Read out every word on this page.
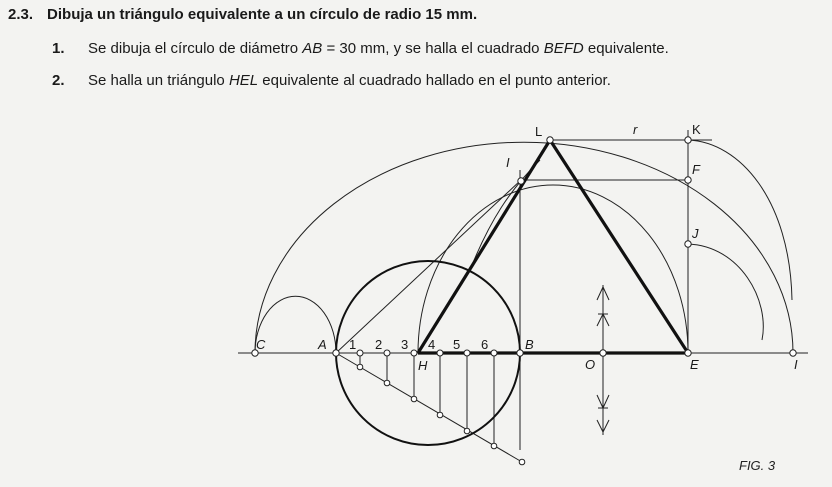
2.3. Dibuja un triángulo equivalente a un círculo de radio 15 mm.
1. Se dibuja el círculo de diámetro AB = 30 mm, y se halla el cuadrado BEFD equivalente.
2. Se halla un triángulo HEL equivalente al cuadrado hallado en el punto anterior.
L	K
r
I	F
J
C	A
H
B
O	E	I
1 2 3 4 5 6
FIG. 3
